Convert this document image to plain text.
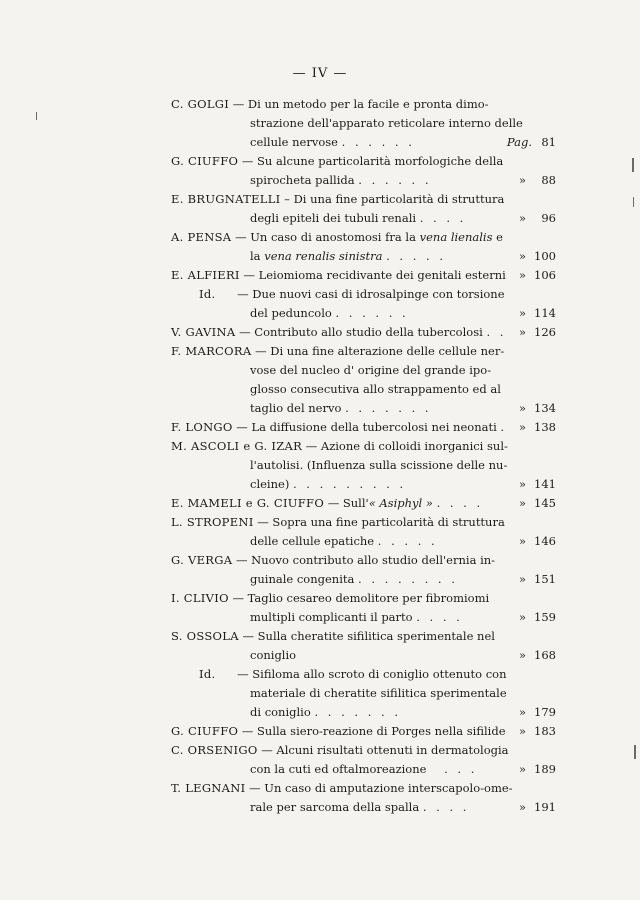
— IV —
C. GOLGI — Di un metodo per la facile e pronta dimo-
strazione dell'apparato reticolare interno delle
cellule nervose . . . . . .	Pag. 81
G. CIUFFO — Su alcune particolarità morfologiche della
spirocheta pallida . . . . . .	» 88
E. BRUGNATELLI – Di una fine particolarità di struttura
degli epiteli dei tubuli renali . . . .	» 96
A. PENSA — Un caso di anostomosi fra la vena lienalis e
la vena renalis sinistra . . . . .	» 100
E. ALFIERI — Leiomioma recidivante dei genitali esterni » 106
Id. — Due nuovi casi di idrosalpinge con torsione
del peduncolo . . . . . .	» 114
V. GAVINA — Contributo allo studio della tubercolosi . . » 126
F. MARCORA — Di una fine alterazione delle cellule ner-
vose del nucleo d' origine del grande ipo-
glosso consecutiva allo strappamento ed al
taglio del nervo . . . . . . .	» 134
F. LONGO — La diffusione della tubercolosi nei neonati . » 138
M. ASCOLI e G. IZAR — Azione di colloidi inorganici sul-
l'autolisi. (Influenza sulla scissione delle nu-
cleine) . . . . . . . . .	» 141
E. MAMELI e G. CIUFFO — Sull'« Asiphyl » . . . .	» 145
L. STROPENI — Sopra una fine particolarità di struttura
delle cellule epatiche . . . . .	» 146
G. VERGA — Nuovo contributo allo studio dell'ernia in-
guinale congenita . . . . . . . .	» 151
I. CLIVIO — Taglio cesareo demolitore per fibromiomi
multipli complicanti il parto . . . .	» 159
S. OSSOLA — Sulla cheratite sifilitica sperimentale nel
coniglio	» 168
Id. — Sifiloma allo scroto di coniglio ottenuto con
materiale di cheratite sifilitica sperimentale
di coniglio . . . . . . .	» 179
G. CIUFFO — Sulla siero-reazione di Porges nella sifilide » 183
C. ORSENIGO — Alcuni risultati ottenuti in dermatologia
con la cuti ed oftalmoreazione . . .	» 189
T. LEGNANI — Un caso di amputazione interscapolo-ome-
rale per sarcoma della spalla . . . .	» 191
